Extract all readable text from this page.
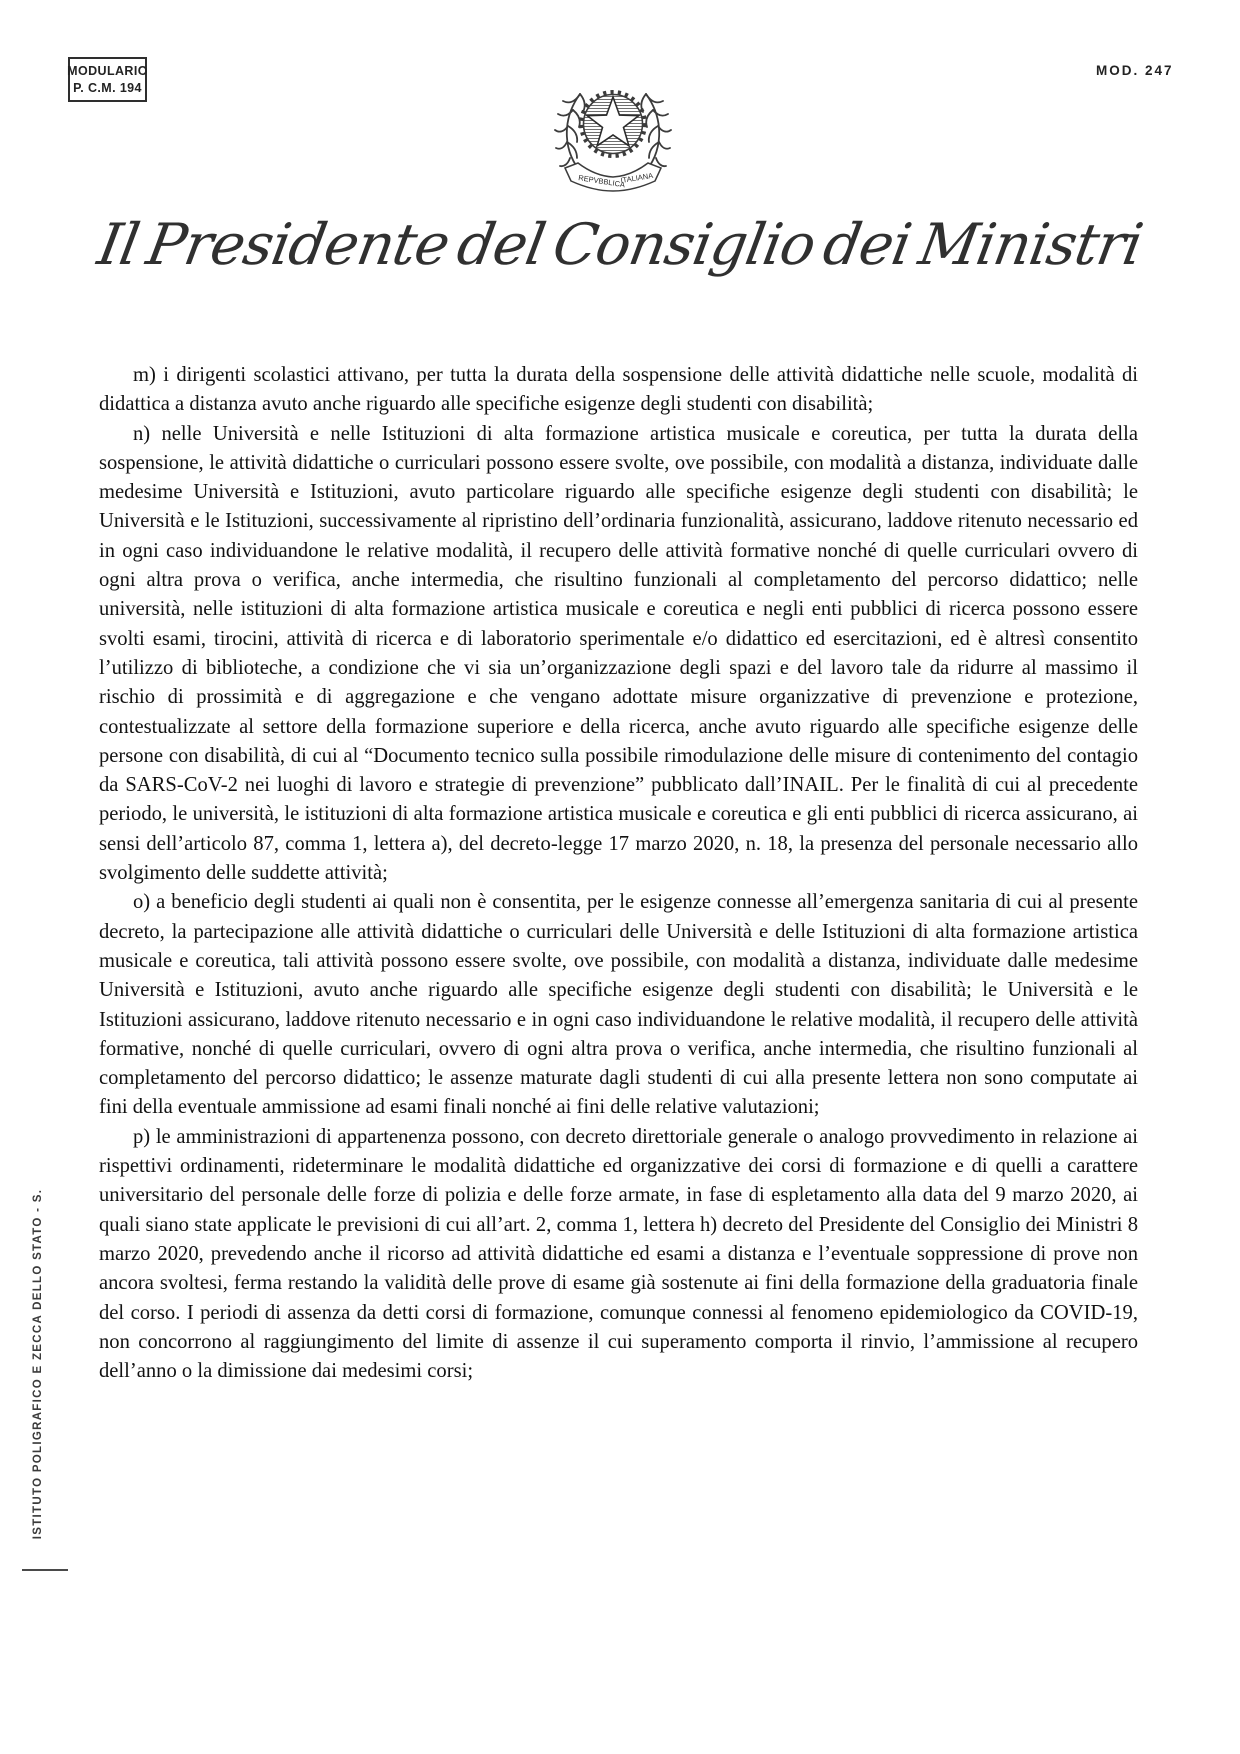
MODULARIO
P. C.M. 194
MOD. 247
REPVBBLICA
ITALIANA
Il Presidente del Consiglio dei Ministri

m) i dirigenti scolastici attivano, per tutta la durata della sospensione delle attività didattiche nelle scuole, modalità di didattica a distanza avuto anche riguardo alle specifiche esigenze degli studenti con disabilità;

n) nelle Università e nelle Istituzioni di alta formazione artistica musicale e coreutica, per tutta la durata della sospensione, le attività didattiche o curriculari possono essere svolte, ove possibile, con modalità a distanza, individuate dalle medesime Università e Istituzioni, avuto particolare riguardo alle specifiche esigenze degli studenti con disabilità; le Università e le Istituzioni, successivamente al ripristino dell’ordinaria funzionalità, assicurano, laddove ritenuto necessario ed in ogni caso individuandone le relative modalità, il recupero delle attività formative nonché di quelle curriculari ovvero di ogni altra prova o verifica, anche intermedia, che risultino funzionali al completamento del percorso didattico; nelle università, nelle istituzioni di alta formazione artistica musicale e coreutica e negli enti pubblici di ricerca possono essere svolti esami, tirocini, attività di ricerca e di laboratorio sperimentale e/o didattico ed esercitazioni, ed è altresì consentito l’utilizzo di biblioteche, a condizione che vi sia un’organizzazione degli spazi e del lavoro tale da ridurre al massimo il rischio di prossimità e di aggregazione e che vengano adottate misure organizzative di prevenzione e protezione, contestualizzate al settore della formazione superiore e della ricerca, anche avuto riguardo alle specifiche esigenze delle persone con disabilità, di cui al “Documento tecnico sulla possibile rimodulazione delle misure di contenimento del contagio da SARS-CoV-2 nei luoghi di lavoro e strategie di prevenzione” pubblicato dall’INAIL. Per le finalità di cui al precedente periodo, le università, le istituzioni di alta formazione artistica musicale e coreutica e gli enti pubblici di ricerca assicurano, ai sensi dell’articolo 87, comma 1, lettera a), del decreto-legge 17 marzo 2020, n. 18, la presenza del personale necessario allo svolgimento delle suddette attività;

o) a beneficio degli studenti ai quali non è consentita, per le esigenze connesse all’emergenza sanitaria di cui al presente decreto, la partecipazione alle attività didattiche o curriculari delle Università e delle Istituzioni di alta formazione artistica musicale e coreutica, tali attività possono essere svolte, ove possibile, con modalità a distanza, individuate dalle medesime Università e Istituzioni, avuto anche riguardo alle specifiche esigenze degli studenti con disabilità; le Università e le Istituzioni assicurano, laddove ritenuto necessario e in ogni caso individuandone le relative modalità, il recupero delle attività formative, nonché di quelle curriculari, ovvero di ogni altra prova o verifica, anche intermedia, che risultino funzionali al completamento del percorso didattico; le assenze maturate dagli studenti di cui alla presente lettera non sono computate ai fini della eventuale ammissione ad esami finali nonché ai fini delle relative valutazioni;

p) le amministrazioni di appartenenza possono, con decreto direttoriale generale o analogo provvedimento in relazione ai rispettivi ordinamenti, rideterminare le modalità didattiche ed organizzative dei corsi di formazione e di quelli a carattere universitario del personale delle forze di polizia e delle forze armate, in fase di espletamento alla data del 9 marzo 2020, ai quali siano state applicate le previsioni di cui all’art. 2, comma 1, lettera h) decreto del Presidente del Consiglio dei Ministri 8 marzo 2020, prevedendo anche il ricorso ad attività didattiche ed esami a distanza e l’eventuale soppressione di prove non ancora svoltesi, ferma restando la validità delle prove di esame già sostenute ai fini della formazione della graduatoria finale del corso. I periodi di assenza da detti corsi di formazione, comunque connessi al fenomeno epidemiologico da COVID-19, non concorrono al raggiungimento del limite di assenze il cui superamento comporta il rinvio, l’ammissione al recupero dell’anno o la dimissione dai medesimi corsi;

ISTITUTO POLIGRAFICO E ZECCA DELLO STATO - S.
